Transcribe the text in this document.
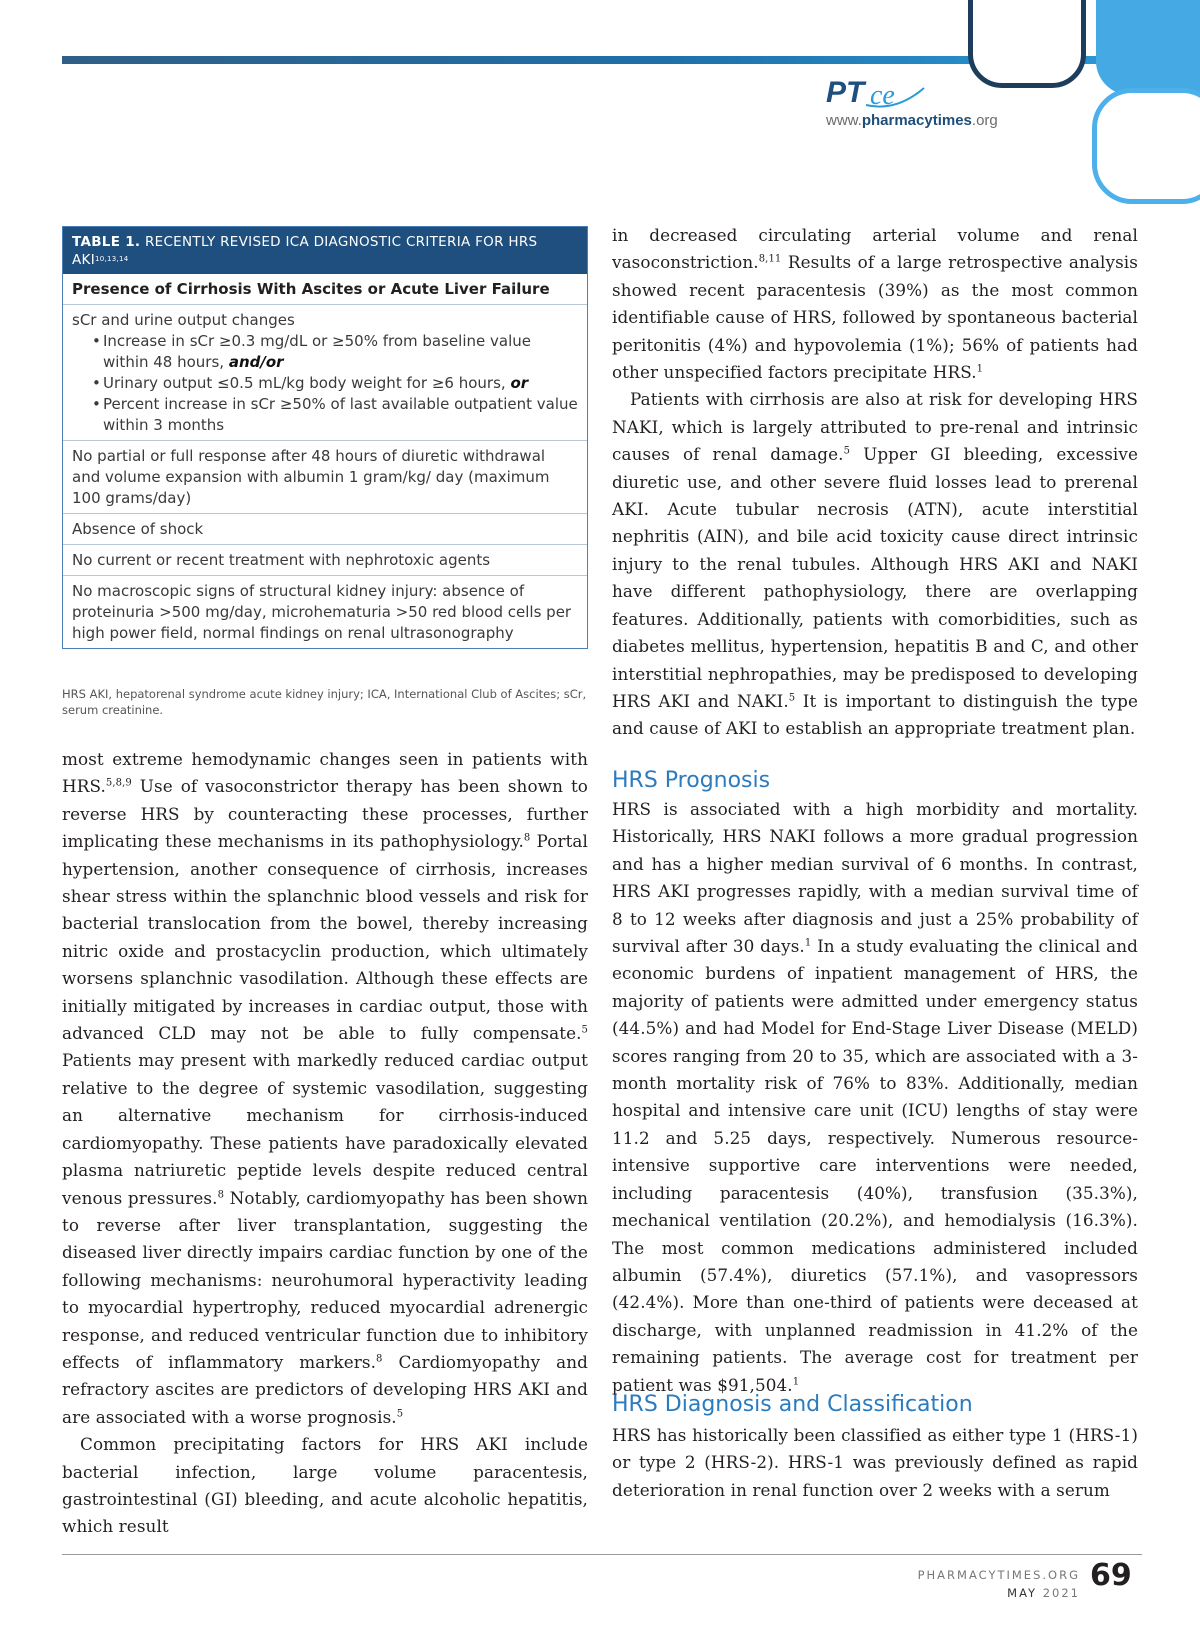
PT ce
PTce
www.pharmacytimes.org
TABLE 1. RECENTLY REVISED ICA DIAGNOSTIC CRITERIA FOR HRS AKI$^{10,13,14}$
Presence of Cirrhosis With Ascites or Acute Liver Failure
sCr and urine output changes
• Increase in sCr ≥0.3 mg/dL or ≥50% from baseline value within 48 hours, and/or
• Urinary output ≤0.5 mL/kg body weight for ≥6 hours, or
• Percent increase in sCr ≥50% of last available outpatient value within 3 months
No partial or full response after 48 hours of diuretic withdrawal and volume expansion with albumin 1 gram/kg/ day (maximum 100 grams/day)
Absence of shock
No current or recent treatment with nephrotoxic agents
No macroscopic signs of structural kidney injury: absence of proteinuria >500 mg/day, microhematuria >50 red blood cells per high power field, normal findings on renal ultrasonography
HRS AKI, hepatorenal syndrome acute kidney injury; ICA, International Club of Ascites; sCr, serum creatinine.

most extreme hemodynamic changes seen in patients with HRS.$^{5,8,9}$ Use of vasoconstrictor therapy has been shown to reverse HRS by counteracting these processes, further implicating these mechanisms in its pathophysiology.$^8$ Portal hypertension, another consequence of cirrhosis, increases shear stress within the splanchnic blood vessels and risk for bacterial translocation from the bowel, thereby increasing nitric oxide and prostacyclin production, which ultimately worsens splanchnic vasodilation. Although these effects are initially mitigated by increases in cardiac output, those with advanced CLD may not be able to fully compensate.$^5$ Patients may present with markedly reduced cardiac output relative to the degree of systemic vasodilation, suggesting an alternative mechanism for cirrhosis-induced cardiomyopathy. These patients have paradoxically elevated plasma natriuretic peptide levels despite reduced central venous pressures.$^8$ Notably, cardiomyopathy has been shown to reverse after liver transplantation, suggesting the diseased liver directly impairs cardiac function by one of the following mechanisms: neurohumoral hyperactivity leading to myocardial hypertrophy, reduced myocardial adrenergic response, and reduced ventricular function due to inhibitory effects of inflammatory markers.$^8$ Cardiomyopathy and refractory ascites are predictors of developing HRS AKI and are associated with a worse prognosis.$^5$

Common precipitating factors for HRS AKI include bacterial infection, large volume paracentesis, gastrointestinal (GI) bleeding, and acute alcoholic hepatitis, which result

in decreased circulating arterial volume and renal vasoconstriction.$^{8,11}$ Results of a large retrospective analysis showed recent paracentesis (39%) as the most common identifiable cause of HRS, followed by spontaneous bacterial peritonitis (4%) and hypovolemia (1%); 56% of patients had other unspecified factors precipitate HRS.$^1$

Patients with cirrhosis are also at risk for developing HRS NAKI, which is largely attributed to pre-renal and intrinsic causes of renal damage.$^5$ Upper GI bleeding, excessive diuretic use, and other severe fluid losses lead to prerenal AKI. Acute tubular necrosis (ATN), acute interstitial nephritis (AIN), and bile acid toxicity cause direct intrinsic injury to the renal tubules. Although HRS AKI and NAKI have different pathophysiology, there are overlapping features. Additionally, patients with comorbidities, such as diabetes mellitus, hypertension, hepatitis B and C, and other interstitial nephropathies, may be predisposed to developing HRS AKI and NAKI.$^5$ It is important to distinguish the type and cause of AKI to establish an appropriate treatment plan.

HRS Prognosis

HRS is associated with a high morbidity and mortality. Historically, HRS NAKI follows a more gradual progression and has a higher median survival of 6 months. In contrast, HRS AKI progresses rapidly, with a median survival time of 8 to 12 weeks after diagnosis and just a 25% probability of survival after 30 days.$^1$ In a study evaluating the clinical and economic burdens of inpatient management of HRS, the majority of patients were admitted under emergency status (44.5%) and had Model for End-Stage Liver Disease (MELD) scores ranging from 20 to 35, which are associated with a 3-month mortality risk of 76% to 83%. Additionally, median hospital and intensive care unit (ICU) lengths of stay were 11.2 and 5.25 days, respectively. Numerous resource-intensive supportive care interventions were needed, including paracentesis (40%), transfusion (35.3%), mechanical ventilation (20.2%), and hemodialysis (16.3%). The most common medications administered included albumin (57.4%), diuretics (57.1%), and vasopressors (42.4%). More than one-third of patients were deceased at discharge, with unplanned readmission in 41.2% of the remaining patients. The average cost for treatment per patient was $91,504.$^1$

HRS Diagnosis and Classification

HRS has historically been classified as either type 1 (HRS-1) or type 2 (HRS-2). HRS-1 was previously defined as rapid deterioration in renal function over 2 weeks with a serum

PHARMACYTIMES.ORG
MAY 2021 69
